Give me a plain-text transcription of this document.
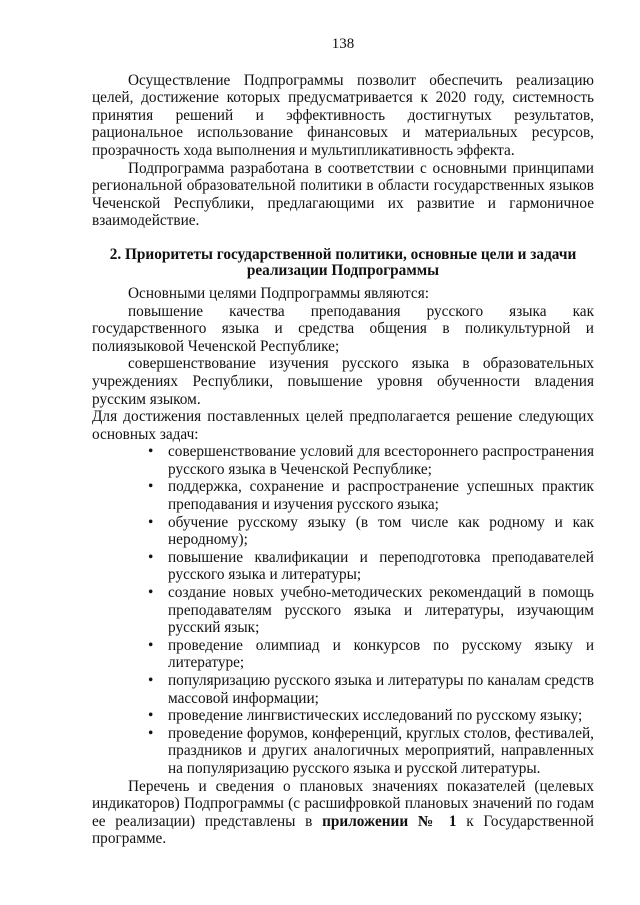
138

Осуществление Подпрограммы позволит обеспечить реализацию целей, достижение которых предусматривается к 2020 году, системность принятия решений и эффективность достигнутых результатов, рациональное использование финансовых и материальных ресурсов, прозрачность хода выполнения и мультипликативность эффекта.

Подпрограмма разработана в соответствии с основными принципами региональной образовательной политики в области государственных языков Чеченской Республики, предлагающими их развитие и гармоничное взаимодействие.

2. Приоритеты государственной политики, основные цели и задачи
реализации Подпрограммы

Основными целями Подпрограммы являются:

повышение качества преподавания русского языка как государственного языка и средства общения в поликультурной и полиязыковой Чеченской Республике;

совершенствование изучения русского языка в образовательных учреждениях Республики, повышение уровня обученности владения русским языком.

Для достижения поставленных целей предполагается решение следующих основных задач:

• совершенствование условий для всестороннего распространения русского языка в Чеченской Республике;
• поддержка, сохранение и распространение успешных практик преподавания и изучения русского языка;
• обучение русскому языку (в том числе как родному и как неродному);
• повышение квалификации и переподготовка преподавателей русского языка и литературы;
• создание новых учебно-методических рекомендаций в помощь преподавателям русского языка и литературы, изучающим русский язык;
• проведение олимпиад и конкурсов по русскому языку и литературе;
• популяризацию русского языка и литературы по каналам средств массовой информации;
• проведение лингвистических исследований по русскому языку;
• проведение форумов, конференций, круглых столов, фестивалей, праздников и других аналогичных мероприятий, направленных на популяризацию русского языка и русской литературы.

Перечень и сведения о плановых значениях показателей (целевых индикаторов) Подпрограммы (с расшифровкой плановых значений по годам ее реализации) представлены в приложении № 1 к Государственной программе.
